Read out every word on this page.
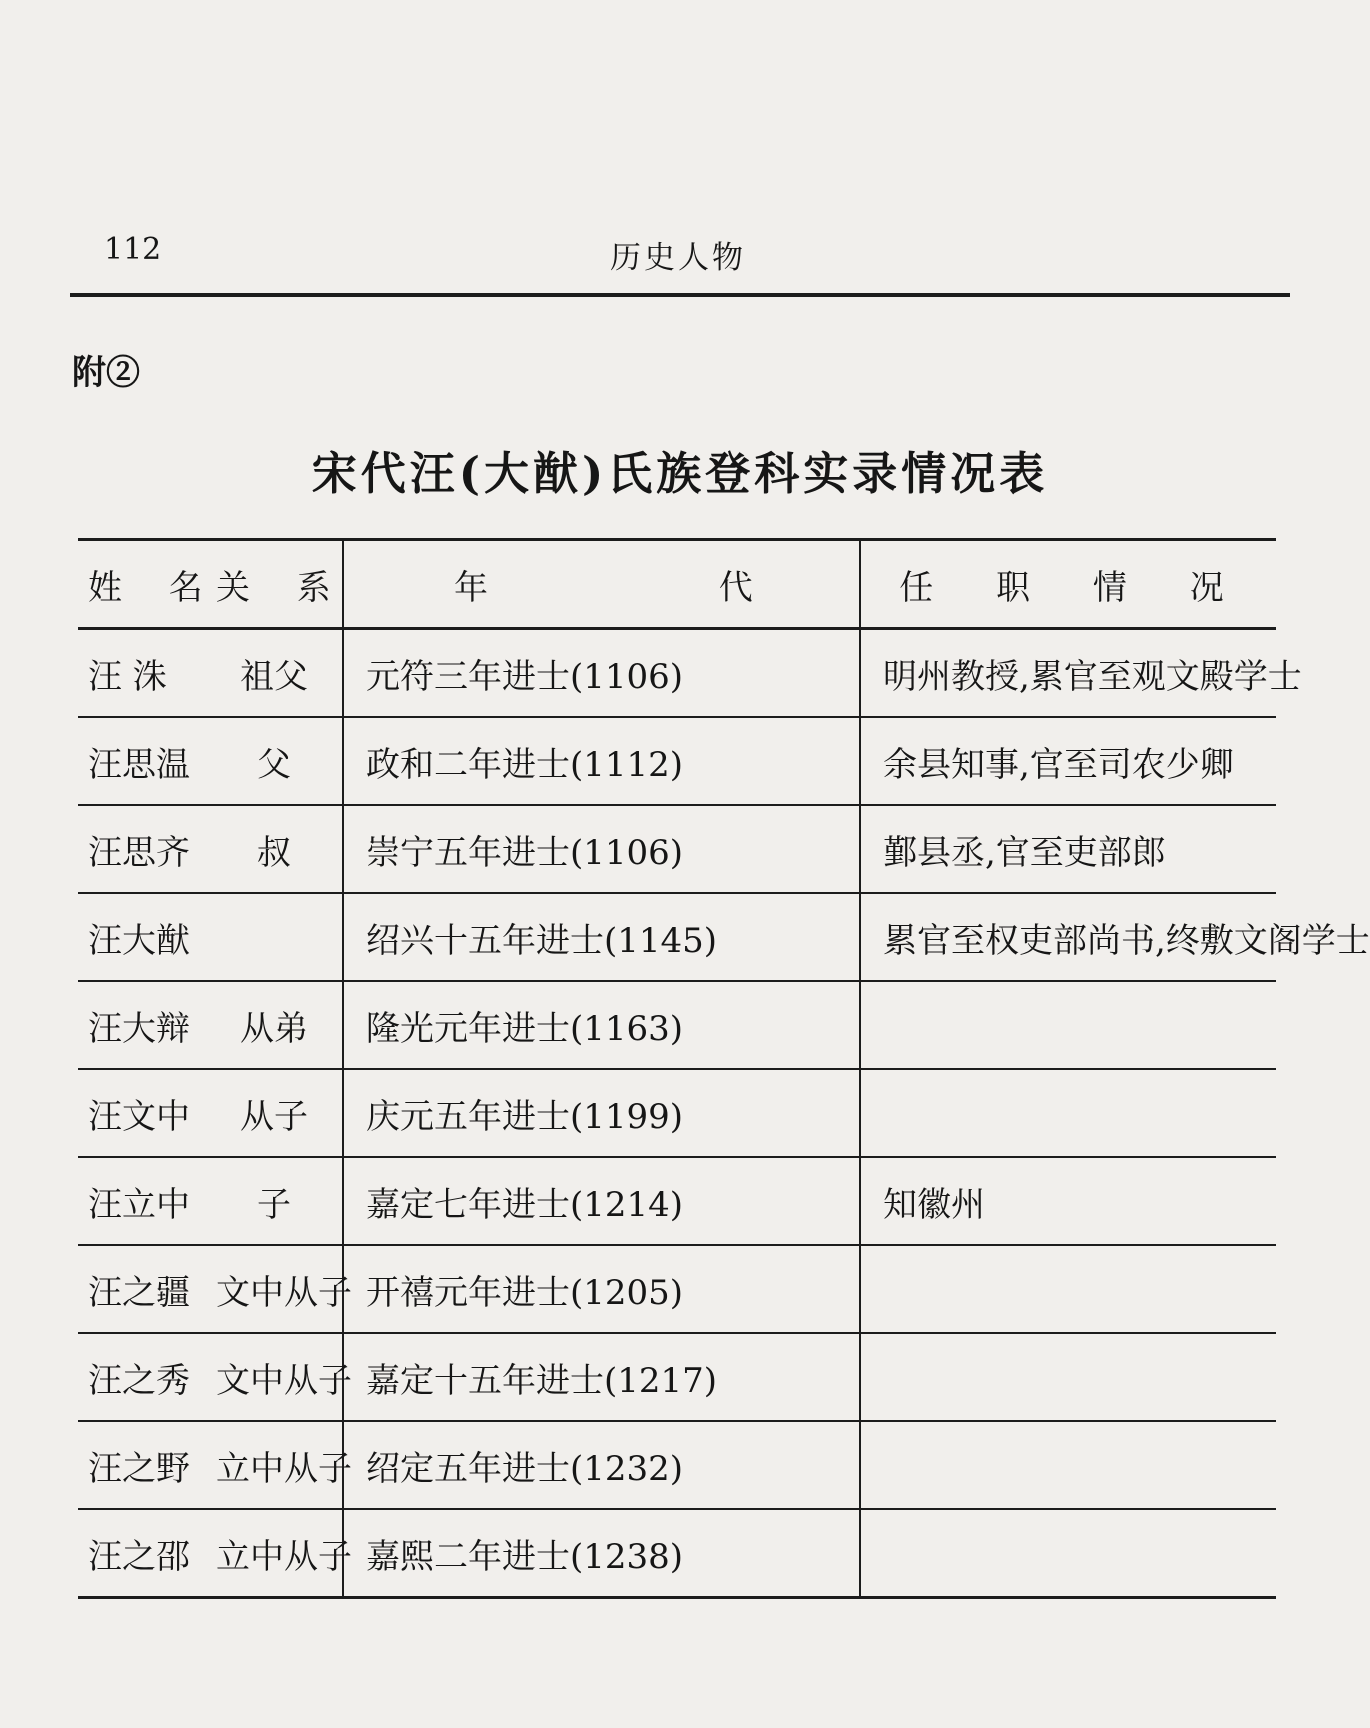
112	历史人物
附②
宋代汪(大猷)氏族登科实录情况表
姓 名	关 系	年 代	任 职 情 况
汪 洙	祖父	元符三年进士(1106)	明州教授,累官至观文殿学士
汪思温	父	政和二年进士(1112)	余县知事,官至司农少卿
汪思齐	叔	崇宁五年进士(1106)	鄞县丞,官至吏部郎
汪大猷		绍兴十五年进士(1145)	累官至权吏部尚书,终敷文阁学士
汪大辩	从弟	隆光元年进士(1163)	
汪文中	从子	庆元五年进士(1199)	
汪立中	子	嘉定七年进士(1214)	知徽州
汪之疆	文中从子	开禧元年进士(1205)	
汪之秀	文中从子	嘉定十五年进士(1217)	
汪之野	立中从子	绍定五年进士(1232)	
汪之邵	立中从子	嘉熙二年进士(1238)	
